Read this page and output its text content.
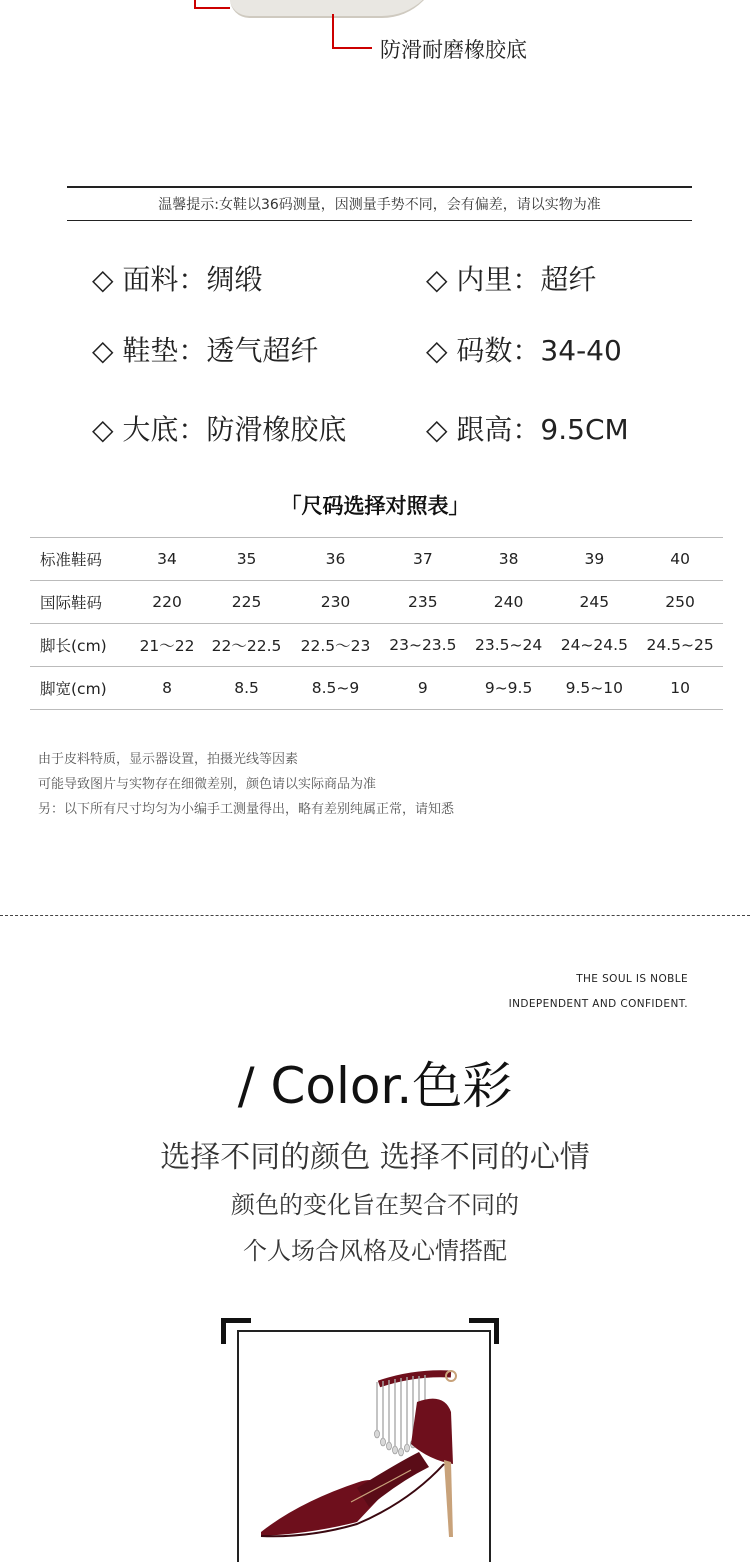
防滑耐磨橡胶底
温馨提示:女鞋以36码测量，因测量手势不同，会有偏差，请以实物为准
◇ 面料：绸缎	◇ 内里：超纤
◇ 鞋垫：透气超纤	◇ 码数：34-40
◇ 大底：防滑橡胶底	◇ 跟高：9.5CM
「尺码选择对照表」
标准鞋码	34	35	36	37	38	39	40
国际鞋码	220	225	230	235	240	245	250
脚长(cm)	21～22	22～22.5	22.5～23	23~23.5	23.5~24	24~24.5	24.5~25
脚宽(cm)	8	8.5	8.5~9	9	9~9.5	9.5~10	10
由于皮料特质，显示器设置，拍摄光线等因素
可能导致图片与实物存在细微差别，颜色请以实际商品为准
另：以下所有尺寸均匀为小编手工测量得出，略有差别纯属正常，请知悉
THE SOUL IS NOBLE
INDEPENDENT AND CONFIDENT.
/ Color.色彩
选择不同的颜色 选择不同的心情
颜色的变化旨在契合不同的
个人场合风格及心情搭配
